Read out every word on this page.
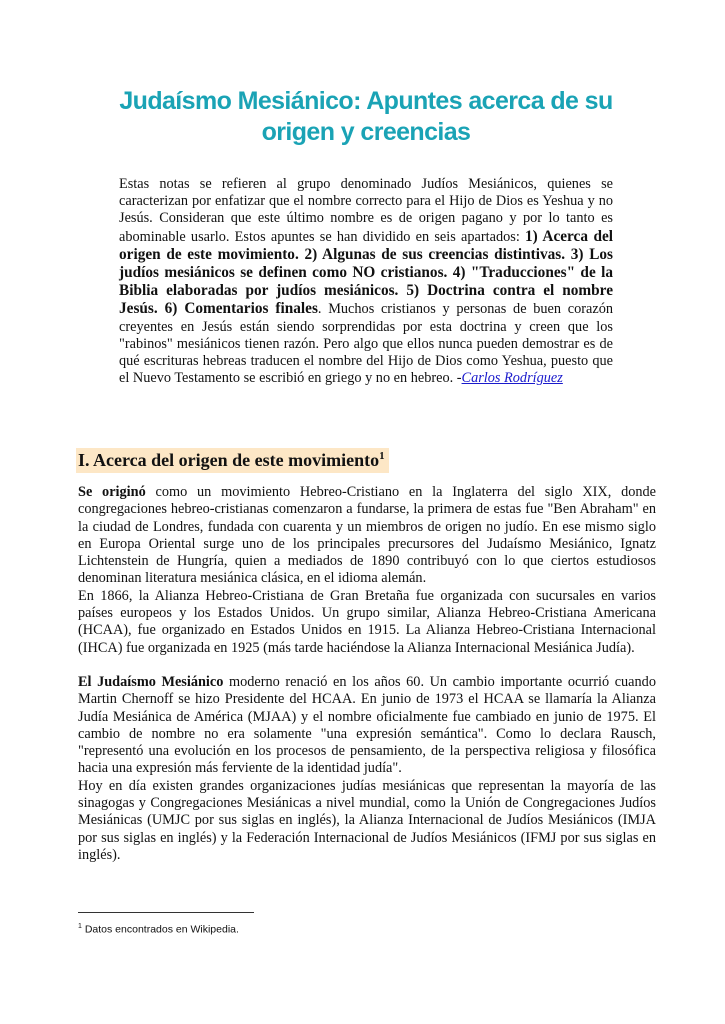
Judaísmo Mesiánico: Apuntes acerca de su origen y creencias
Estas notas se refieren al grupo denominado Judíos Mesiánicos, quienes se caracterizan por enfatizar que el nombre correcto para el Hijo de Dios es Yeshua y no Jesús. Consideran que este último nombre es de origen pagano y por lo tanto es abominable usarlo. Estos apuntes se han dividido en seis apartados: 1) Acerca del origen de este movimiento. 2) Algunas de sus creencias distintivas. 3) Los judíos mesiánicos se definen como NO cristianos. 4) "Traducciones" de la Biblia elaboradas por judíos mesiánicos. 5) Doctrina contra el nombre Jesús. 6) Comentarios finales. Muchos cristianos y personas de buen corazón creyentes en Jesús están siendo sorprendidas por esta doctrina y creen que los "rabinos" mesiánicos tienen razón. Pero algo que ellos nunca pueden demostrar es de qué escrituras hebreas traducen el nombre del Hijo de Dios como Yeshua, puesto que el Nuevo Testamento se escribió en griego y no en hebreo. -Carlos Rodríguez
I. Acerca del origen de este movimiento$^1$

Se originó como un movimiento Hebreo-Cristiano en la Inglaterra del siglo XIX, donde congregaciones hebreo-cristianas comenzaron a fundarse, la primera de estas fue "Ben Abraham" en la ciudad de Londres, fundada con cuarenta y un miembros de origen no judío. En ese mismo siglo en Europa Oriental surge uno de los principales precursores del Judaísmo Mesiánico, Ignatz Lichtenstein de Hungría, quien a mediados de 1890 contribuyó con lo que ciertos estudiosos denominan literatura mesiánica clásica, en el idioma alemán.

En 1866, la Alianza Hebreo-Cristiana de Gran Bretaña fue organizada con sucursales en varios países europeos y los Estados Unidos. Un grupo similar, Alianza Hebreo-Cristiana Americana (HCAA), fue organizado en Estados Unidos en 1915. La Alianza Hebreo-Cristiana Internacional (IHCA) fue organizada en 1925 (más tarde haciéndose la Alianza Internacional Mesiánica Judía).

El Judaísmo Mesiánico moderno renació en los años 60. Un cambio importante ocurrió cuando Martin Chernoff se hizo Presidente del HCAA. En junio de 1973 el HCAA se llamaría la Alianza Judía Mesiánica de América (MJAA) y el nombre oficialmente fue cambiado en junio de 1975. El cambio de nombre no era solamente "una expresión semántica". Como lo declara Rausch, "representó una evolución en los procesos de pensamiento, de la perspectiva religiosa y filosófica hacia una expresión más ferviente de la identidad judía".

Hoy en día existen grandes organizaciones judías mesiánicas que representan la mayoría de las sinagogas y Congregaciones Mesiánicas a nivel mundial, como la Unión de Congregaciones Judíos Mesiánicas (UMJC por sus siglas en inglés), la Alianza Internacional de Judíos Mesiánicos (IMJA por sus siglas en inglés) y la Federación Internacional de Judíos Mesiánicos (IFMJ por sus siglas en inglés).

$^1$ Datos encontrados en Wikipedia.
